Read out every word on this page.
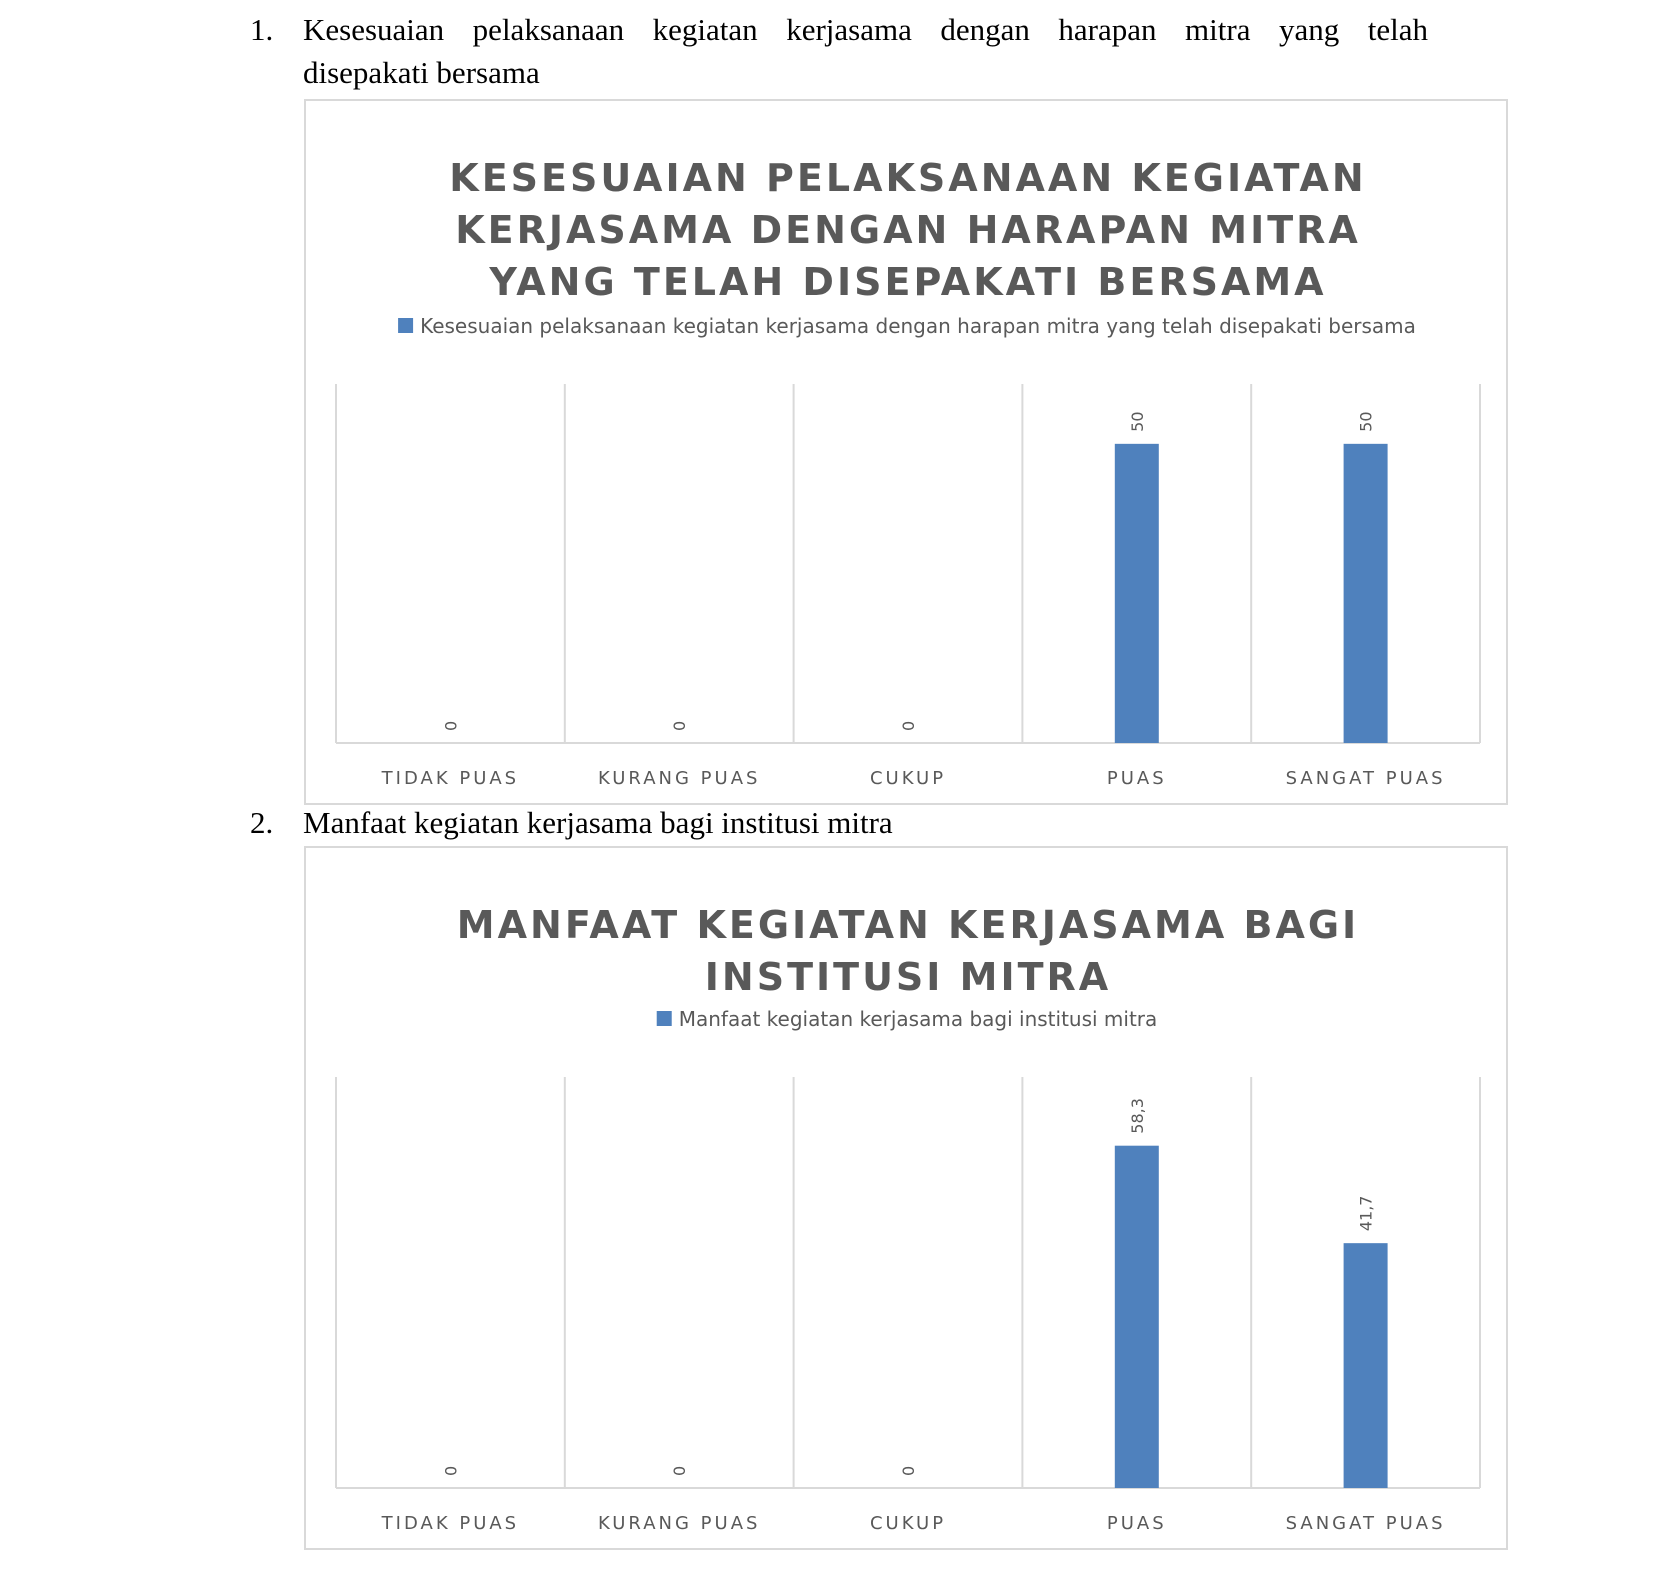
1. Kesesuaian pelaksanaan kegiatan kerjasama dengan harapan mitra yang telah
disepakati bersama
KESESUAIAN PELAKSANAAN KEGIATAN
KERJASAMA DENGAN HARAPAN MITRA
YANG TELAH DISEPAKATI BERSAMA
Kesesuaian pelaksanaan kegiatan kerjasama dengan harapan mitra yang telah disepakati bersama
0
TIDAK PUAS
0
KURANG PUAS
0
CUKUP
50
PUAS
50
SANGAT PUAS
2. Manfaat kegiatan kerjasama bagi institusi mitra
MANFAAT KEGIATAN KERJASAMA BAGI
INSTITUSI MITRA
Manfaat kegiatan kerjasama bagi institusi mitra
0
TIDAK PUAS
0
KURANG PUAS
0
CUKUP
58,3
PUAS
41,7
SANGAT PUAS
